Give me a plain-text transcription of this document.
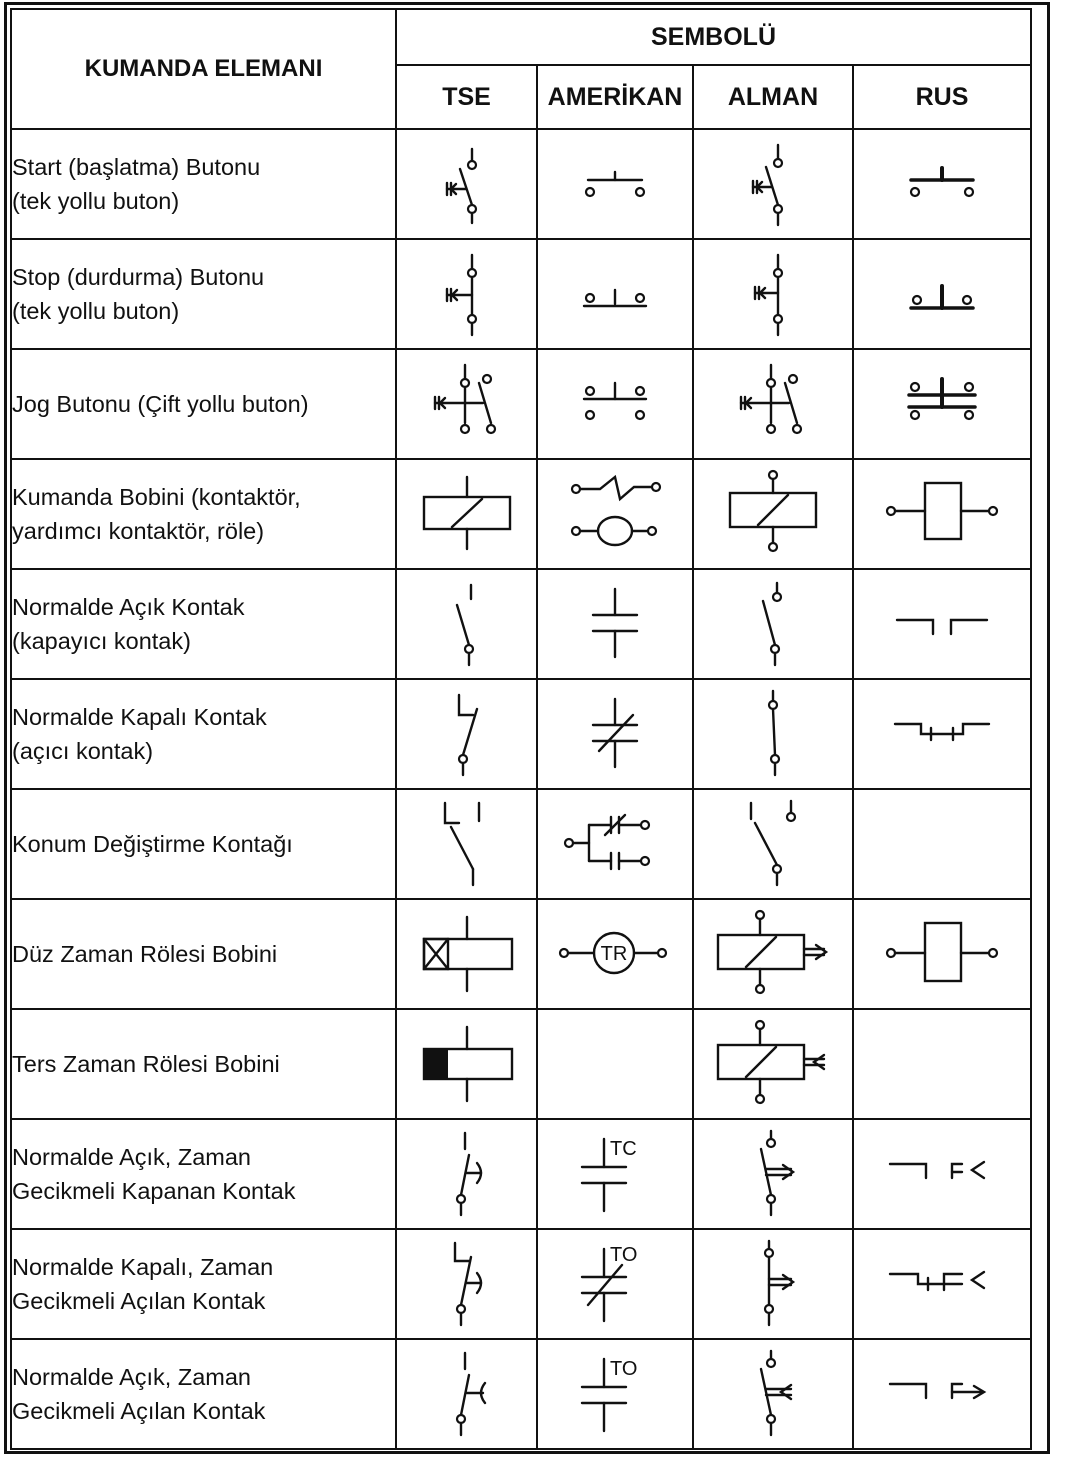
KUMANDA ELEMANI	SEMBOLÜ			
	TSE	AMERİKAN	ALMAN	RUS

Start (başlatma) Butonu
(tek yollu buton)

Stop (durdurma) Butonu
(tek yollu buton)

Jog Butonu (Çift yollu buton)

Kumanda Bobini (kontaktör,
yardımcı kontaktör, röle)

Normalde Açık Kontak
(kapayıcı kontak)

Normalde Kapalı Kontak
(açıcı kontak)

Konum Değiştirme Kontağı

Düz Zaman Rölesi Bobini		TR

Ters Zaman Rölesi Bobini

Normalde Açık, Zaman
Gecikmeli Kapanan Kontak		TC

Normalde Kapalı, Zaman
Gecikmeli Açılan Kontak		TO

Normalde Açık, Zaman
Gecikmeli Açılan Kontak		TO
